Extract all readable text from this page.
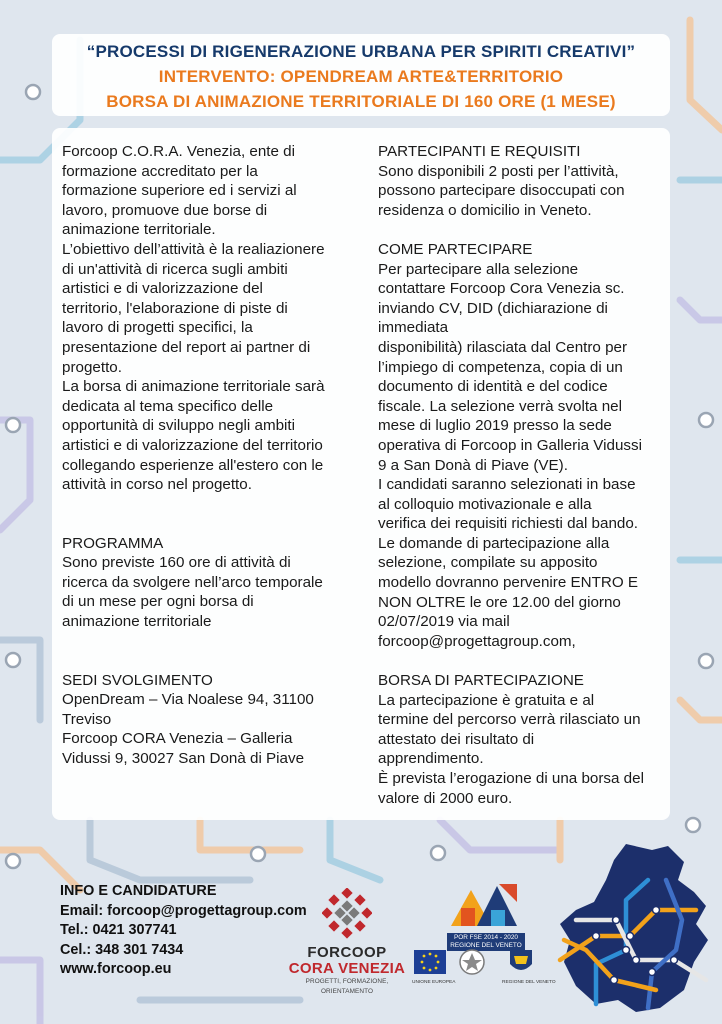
“PROCESSI DI RIGENERAZIONE URBANA PER SPIRITI CREATIVI”
INTERVENTO: OPENDREAM ARTE&TERRITORIO
BORSA DI ANIMAZIONE TERRITORIALE DI 160 ORE (1 MESE)

Forcoop C.O.R.A. Venezia, ente di
formazione accreditato per la
formazione superiore ed i servizi al
lavoro, promuove due borse di
animazione territoriale.
L’obiettivo dell’attività è la realiazionere
di un'attività di ricerca sugli ambiti
artistici e di valorizzazione del
territorio, l'elaborazione di piste di
lavoro di progetti specifici, la
presentazione del report ai partner di
progetto.
La borsa di animazione territoriale sarà
dedicata al tema specifico delle
opportunità di sviluppo negli ambiti
artistici e di valorizzazione del territorio
collegando esperienze all'estero con le
attività in corso nel progetto.

PROGRAMMA

Sono previste 160 ore di attività di
ricerca da svolgere nell’arco temporale
di un mese per ogni borsa di
animazione territoriale

SEDI SVOLGIMENTO

OpenDream – Via Noalese 94, 31100
Treviso
Forcoop CORA Venezia – Galleria
Vidussi 9, 30027 San Donà di Piave

PARTECIPANTI E REQUISITI

Sono disponibili 2 posti per l’attività,
possono partecipare disoccupati con
residenza o domicilio in Veneto.

COME PARTECIPARE

Per partecipare alla selezione
contattare Forcoop Cora Venezia sc.
inviando CV, DID (dichiarazione di
immediata
disponibilità) rilasciata dal Centro per
l’impiego di competenza, copia di un
documento di identità e del codice
fiscale. La selezione verrà svolta nel
mese di luglio 2019 presso la sede
operativa di Forcoop in Galleria Vidussi
9 a San Donà di Piave (VE).
I candidati saranno selezionati in base
al colloquio motivazionale e alla
verifica dei requisiti richiesti dal bando.
Le domande di partecipazione alla
selezione, compilate su apposito
modello dovranno pervenire ENTRO E
NON OLTRE le ore 12.00 del giorno
02/07/2019 via mail
forcoop@progettagroup.com,

BORSA DI PARTECIPAZIONE

La partecipazione è gratuita e al
termine del percorso verrà rilasciato un
attestato dei risultato di
apprendimento.
È prevista l’erogazione di una borsa del
valore di 2000 euro.

INFO E CANDIDATURE
Email: forcoop@progettagroup.com
Tel.: 0421 307741
Cel.: 348 301 7434
www.forcoop.eu
FORCOOP
CORA VENEZIA
PROGETTI, FORMAZIONE, ORIENTAMENTO
POR FSE 2014 - 2020
REGIONE DEL VENETO
UNIONE EUROPEA	REGIONE DEL VENETO
